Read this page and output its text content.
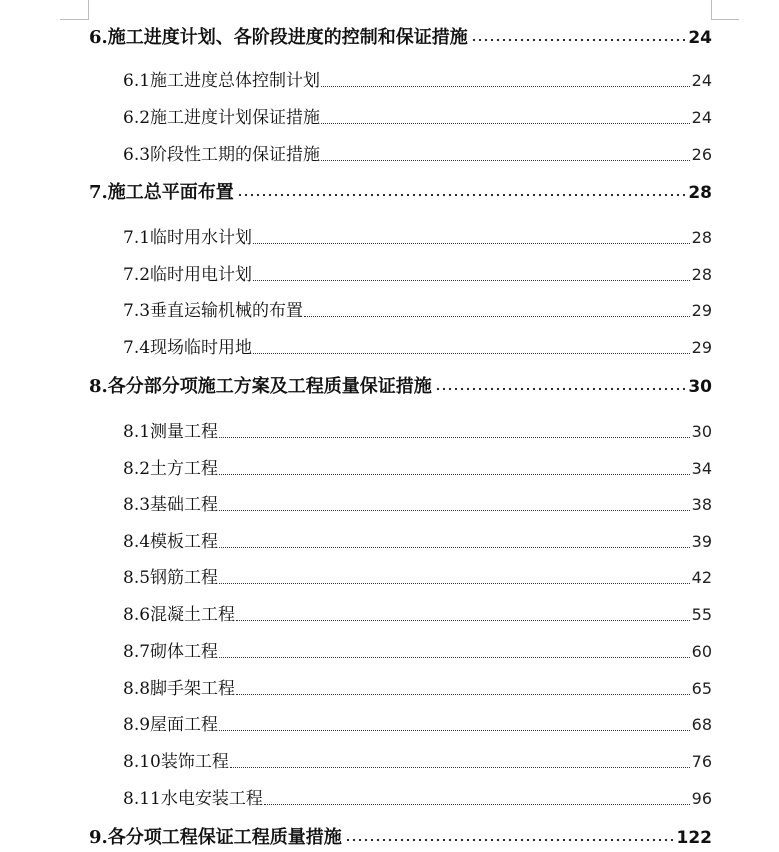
6.施工进度计划、各阶段进度的控制和保证措施	24
6.1施工进度总体控制计划	24
6.2施工进度计划保证措施	24
6.3阶段性工期的保证措施	26
7.施工总平面布置	28
7.1临时用水计划	28
7.2临时用电计划	28
7.3垂直运输机械的布置	29
7.4现场临时用地	29
8.各分部分项施工方案及工程质量保证措施	30
8.1测量工程	30
8.2土方工程	34
8.3基础工程	38
8.4模板工程	39
8.5钢筋工程	42
8.6混凝土工程	55
8.7砌体工程	60
8.8脚手架工程	65
8.9屋面工程	68
8.10装饰工程	76
8.11水电安装工程	96
9.各分项工程保证工程质量措施	122
